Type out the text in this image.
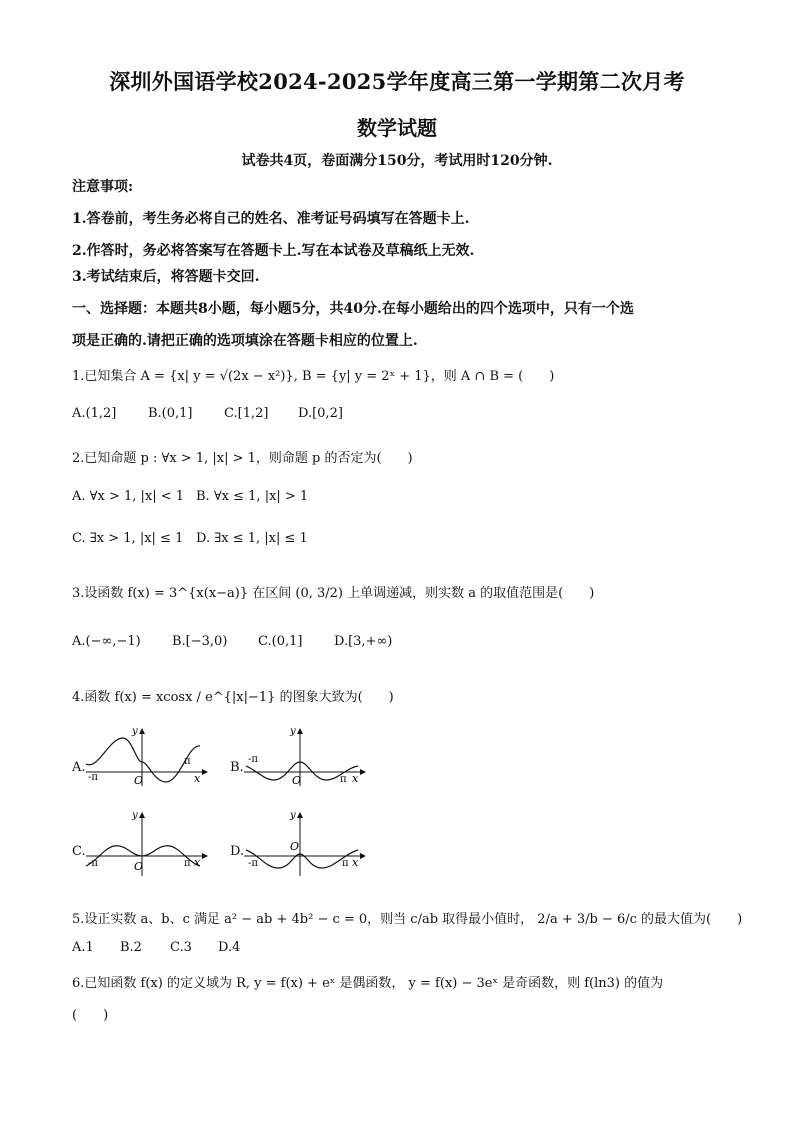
深圳外国语学校2024-2025学年度高三第一学期第二次月考
数学试题
试卷共4页，卷面满分150分，考试用时120分钟.
注意事项:
1.答卷前，考生务必将自己的姓名、准考证号码填写在答题卡上.
2.作答时，务必将答案写在答题卡上.写在本试卷及草稿纸上无效.
3.考试结束后，将答题卡交回.
一、选择题：本题共8小题，每小题5分，共40分.在每小题给出的四个选项中，只有一个选
项是正确的.请把正确的选项填涂在答题卡相应的位置上.
1.已知集合 A = {x| y = √(2x − x²)}, B = {y| y = 2ˣ + 1}，则 A ∩ B = (　　)
A.(1,2] B.(0,1] C.[1,2] D.[0,2]
2.已知命题 p : ∀x > 1, |x| > 1，则命题 p 的否定为(　　)
A. ∀x > 1, |x| < 1 B. ∀x ≤ 1, |x| > 1
C. ∃x > 1, |x| ≤ 1 D. ∃x ≤ 1, |x| ≤ 1
3.设函数 f(x) = 3^{x(x−a)} 在区间 (0, 3/2) 上单调递减，则实数 a 的取值范围是(　　)
A.(−∞,−1) B.[−3,0) C.(0,1] D.[3,+∞)
4.函数 f(x) = xcosx / e^{|x|−1} 的图象大致为(　　)
A.
y
O
-π
π
x
B.
y
O
-π
π x
C.
y
O
-π	π x
D.
y
O
-π	π x
5.设正实数 a、b、c 满足 a² − ab + 4b² − c = 0，则当 c/ab 取得最小值时， 2/a + 3/b − 6/c 的最大值为(　　)
A.1 B.2 C.3 D.4
6.已知函数 f(x) 的定义域为 R, y = f(x) + eˣ 是偶函数， y = f(x) − 3eˣ 是奇函数，则 f(ln3) 的值为
(　　)
